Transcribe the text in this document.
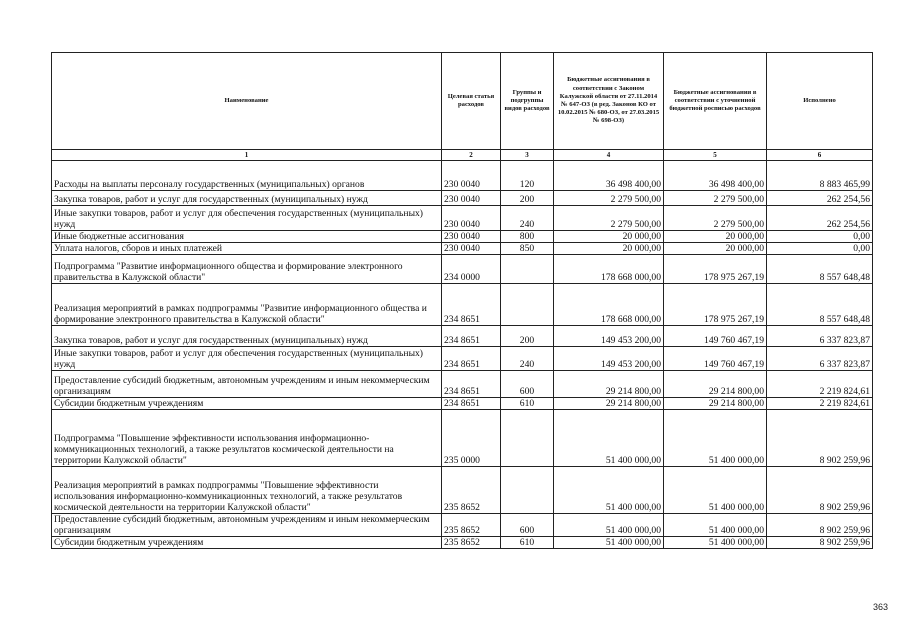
Наименование	Целевая статья расходов	Группы и подгруппы видов расходов	Бюджетные ассигнования в соответствии с Законом Калужской области от 27.11.2014 № 647-ОЗ (в ред. Законов КО от 10.02.2015 № 680-ОЗ, от 27.03.2015 № 698-ОЗ)	Бюджетные ассигнования в соответствии с уточненной бюджетной росписью расходов	Исполнено
1	2	3	4	5	6
Расходы на выплаты персоналу государственных (муниципальных) органов	230 0040	120	36 498 400,00	36 498 400,00	8 883 465,99
Закупка товаров, работ и услуг для государственных (муниципальных) нужд	230 0040	200	2 279 500,00	2 279 500,00	262 254,56
Иные закупки товаров, работ и услуг для обеспечения государственных (муниципальных) нужд	230 0040	240	2 279 500,00	2 279 500,00	262 254,56
Иные бюджетные ассигнования	230 0040	800	20 000,00	20 000,00	0,00
Уплата налогов, сборов и иных платежей	230 0040	850	20 000,00	20 000,00	0,00
Подпрограмма "Развитие информационного общества и формирование электронного правительства в Калужской области"	234 0000		178 668 000,00	178 975 267,19	8 557 648,48
Реализация мероприятий в рамках подпрограммы "Развитие информационного общества и формирование электронного правительства в Калужской области"	234 8651		178 668 000,00	178 975 267,19	8 557 648,48
Закупка товаров, работ и услуг для государственных (муниципальных) нужд	234 8651	200	149 453 200,00	149 760 467,19	6 337 823,87
Иные закупки товаров, работ и услуг для обеспечения государственных (муниципальных) нужд	234 8651	240	149 453 200,00	149 760 467,19	6 337 823,87
Предоставление субсидий бюджетным, автономным учреждениям и иным некоммерческим организациям	234 8651	600	29 214 800,00	29 214 800,00	2 219 824,61
Субсидии бюджетным учреждениям	234 8651	610	29 214 800,00	29 214 800,00	2 219 824,61
Подпрограмма "Повышение эффективности использования информационно-коммуникационных технологий, а также результатов космической деятельности на территории Калужской области"	235 0000		51 400 000,00	51 400 000,00	8 902 259,96
Реализация мероприятий в рамках подпрограммы "Повышение эффективности использования информационно-коммуникационных технологий, а также результатов космической деятельности на территории Калужской области"	235 8652		51 400 000,00	51 400 000,00	8 902 259,96
Предоставление субсидий бюджетным, автономным учреждениям и иным некоммерческим организациям	235 8652	600	51 400 000,00	51 400 000,00	8 902 259,96
Субсидии бюджетным учреждениям	235 8652	610	51 400 000,00	51 400 000,00	8 902 259,96
363
